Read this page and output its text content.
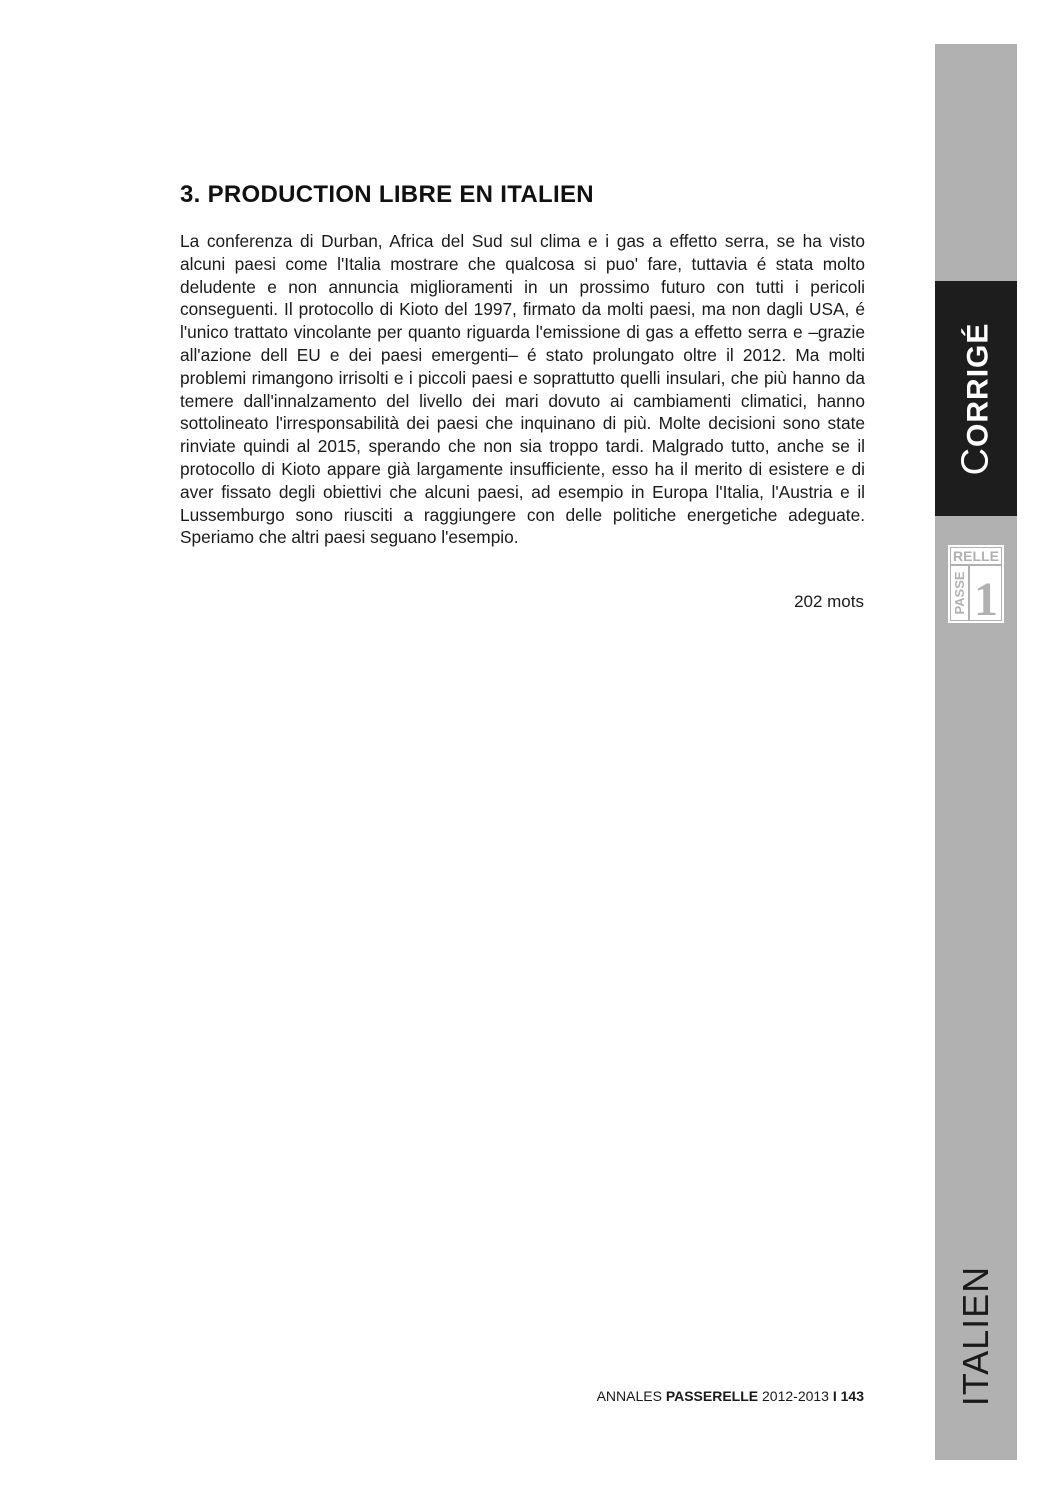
3. PRODUCTION LIBRE EN ITALIEN

La conferenza di Durban, Africa del Sud sul clima e i gas a effetto serra, se ha visto alcuni paesi come l'Italia mostrare che qualcosa si puo' fare, tuttavia é stata molto deludente e non annuncia miglioramenti in un prossimo futuro con tutti i pericoli conseguenti. Il protocollo di Kioto del 1997, firmato da molti paesi, ma non dagli USA, é l'unico trattato vincolante per quanto riguarda l'emissione di gas a effetto serra e –grazie all'azione dell EU e dei paesi emergenti– é stato prolungato oltre il 2012. Ma molti problemi rimangono irrisolti e i piccoli paesi e soprattutto quelli insulari, che più hanno da temere dall'innalzamento del livello dei mari dovuto ai cambiamenti climatici, hanno sottolineato l'irresponsabilità dei paesi che inquinano di più. Molte decisioni sono state rinviate quindi al 2015, sperando che non sia troppo tardi. Malgrado tutto, anche se il protocollo di Kioto appare già largamente insufficiente, esso ha il merito di esistere e di aver fissato degli obiettivi che alcuni paesi, ad esempio in Europa l'Italia, l'Austria e il Lussemburgo sono riusciti a raggiungere con delle politiche energetiche adeguate. Speriamo che altri paesi seguano l'esempio.

202 mots
ANNALES PASSERELLE 2012-2013 I 143
CORRIGÉ
RELLE
PASSE 1
ITALIEN
